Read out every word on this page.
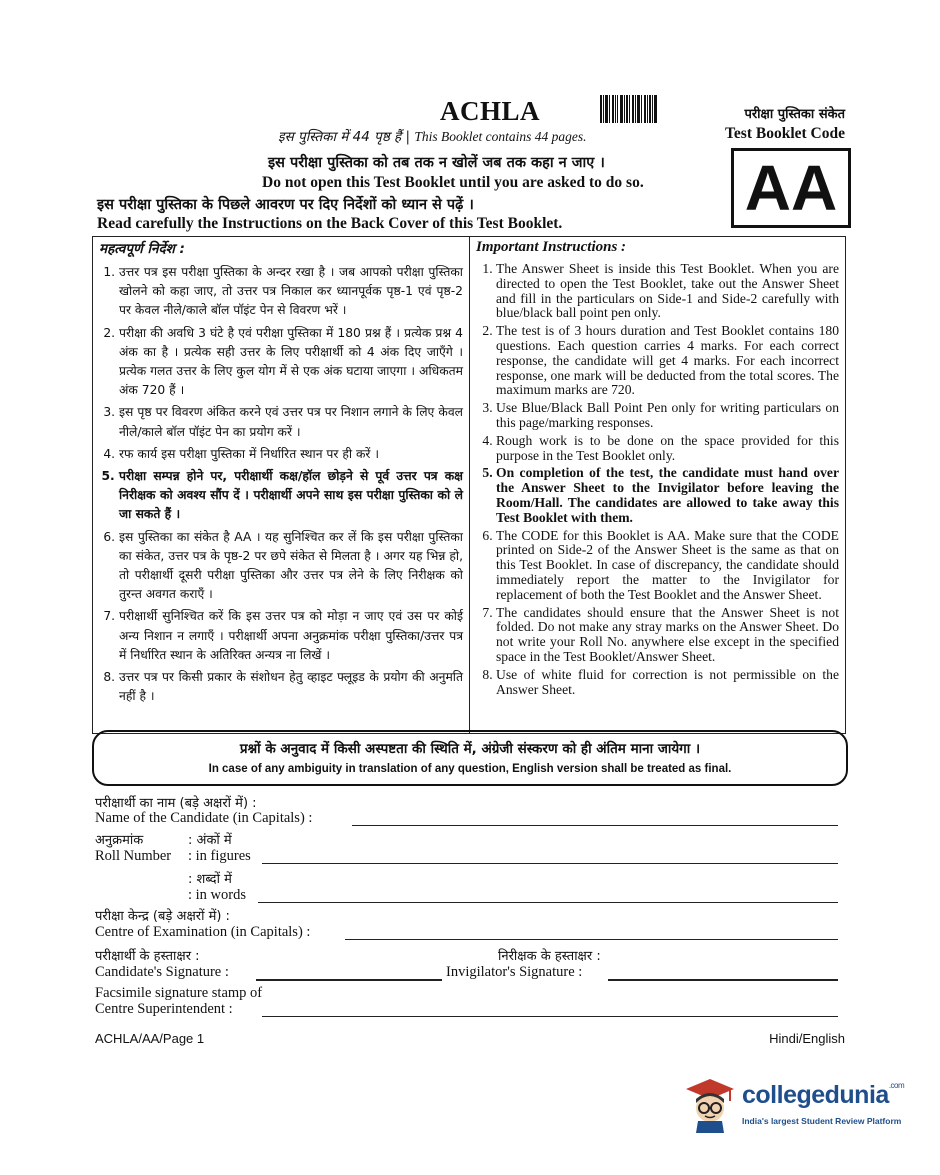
ACHLA
इस पुस्तिका में 44 पृष्ठ हैं | This Booklet contains 44 pages.
परीक्षा पुस्तिका संकेत
Test Booklet Code
AA
इस परीक्षा पुस्तिका को तब तक न खोलें जब तक कहा न जाए ।
Do not open this Test Booklet until you are asked to do so.
इस परीक्षा पुस्तिका के पिछले आवरण पर दिए निर्देशों को ध्यान से पढ़ें ।
Read carefully the Instructions on the Back Cover of this Test Booklet.
महत्वपूर्ण निर्देश :
1. उत्तर पत्र इस परीक्षा पुस्तिका के अन्दर रखा है । जब आपको परीक्षा पुस्तिका खोलने को कहा जाए, तो उत्तर पत्र निकाल कर ध्यानपूर्वक पृष्ठ-1 एवं पृष्ठ-2 पर केवल नीले/काले बॉल पॉइंट पेन से विवरण भरें ।
2. परीक्षा की अवधि 3 घंटे है एवं परीक्षा पुस्तिका में 180 प्रश्न हैं । प्रत्येक प्रश्न 4 अंक का है । प्रत्येक सही उत्तर के लिए परीक्षार्थी को 4 अंक दिए जाएँगे । प्रत्येक गलत उत्तर के लिए कुल योग में से एक अंक घटाया जाएगा । अधिकतम अंक 720 हैं ।
3. इस पृष्ठ पर विवरण अंकित करने एवं उत्तर पत्र पर निशान लगाने के लिए केवल नीले/काले बॉल पॉइंट पेन का प्रयोग करें ।
4. रफ कार्य इस परीक्षा पुस्तिका में निर्धारित स्थान पर ही करें ।
5. परीक्षा सम्पन्न होने पर, परीक्षार्थी कक्ष/हॉल छोड़ने से पूर्व उत्तर पत्र कक्ष निरीक्षक को अवश्य सौंप दें । परीक्षार्थी अपने साथ इस परीक्षा पुस्तिका को ले जा सकते हैं ।
6. इस पुस्तिका का संकेत है AA । यह सुनिश्चित कर लें कि इस परीक्षा पुस्तिका का संकेत, उत्तर पत्र के पृष्ठ-2 पर छपे संकेत से मिलता है । अगर यह भिन्न हो, तो परीक्षार्थी दूसरी परीक्षा पुस्तिका और उत्तर पत्र लेने के लिए निरीक्षक को तुरन्त अवगत कराएँ ।
7. परीक्षार्थी सुनिश्चित करें कि इस उत्तर पत्र को मोड़ा न जाए एवं उस पर कोई अन्य निशान न लगाएँ । परीक्षार्थी अपना अनुक्रमांक परीक्षा पुस्तिका/उत्तर पत्र में निर्धारित स्थान के अतिरिक्त अन्यत्र ना लिखें ।
8. उत्तर पत्र पर किसी प्रकार के संशोधन हेतु व्हाइट फ्लूइड के प्रयोग की अनुमति नहीं है ।
Important Instructions :
1. The Answer Sheet is inside this Test Booklet. When you are directed to open the Test Booklet, take out the Answer Sheet and fill in the particulars on Side-1 and Side-2 carefully with blue/black ball point pen only.
2. The test is of 3 hours duration and Test Booklet contains 180 questions. Each question carries 4 marks. For each correct response, the candidate will get 4 marks. For each incorrect response, one mark will be deducted from the total scores. The maximum marks are 720.
3. Use Blue/Black Ball Point Pen only for writing particulars on this page/marking responses.
4. Rough work is to be done on the space provided for this purpose in the Test Booklet only.
5. On completion of the test, the candidate must hand over the Answer Sheet to the Invigilator before leaving the Room/Hall. The candidates are allowed to take away this Test Booklet with them.
6. The CODE for this Booklet is AA. Make sure that the CODE printed on Side-2 of the Answer Sheet is the same as that on this Test Booklet. In case of discrepancy, the candidate should immediately report the matter to the Invigilator for replacement of both the Test Booklet and the Answer Sheet.
7. The candidates should ensure that the Answer Sheet is not folded. Do not make any stray marks on the Answer Sheet. Do not write your Roll No. anywhere else except in the specified space in the Test Booklet/Answer Sheet.
8. Use of white fluid for correction is not permissible on the Answer Sheet.
प्रश्नों के अनुवाद में किसी अस्पष्टता की स्थिति में, अंग्रेजी संस्करण को ही अंतिम माना जायेगा ।
In case of any ambiguity in translation of any question, English version shall be treated as final.
परीक्षार्थी का नाम (बड़े अक्षरों में) :
Name of the Candidate (in Capitals) :
अनुक्रमांक	: अंकों में
Roll Number : in figures
: शब्दों में
: in words
परीक्षा केन्द्र (बड़े अक्षरों में) :
Centre of Examination (in Capitals) :
परीक्षार्थी के हस्ताक्षर :	निरीक्षक के हस्ताक्षर :
Candidate's Signature :	Invigilator's Signature :
Facsimile signature stamp of
Centre Superintendent :
ACHLA/AA/Page 1	Hindi/English
collegedunia$^{.com}$
India's largest Student Review Platform
